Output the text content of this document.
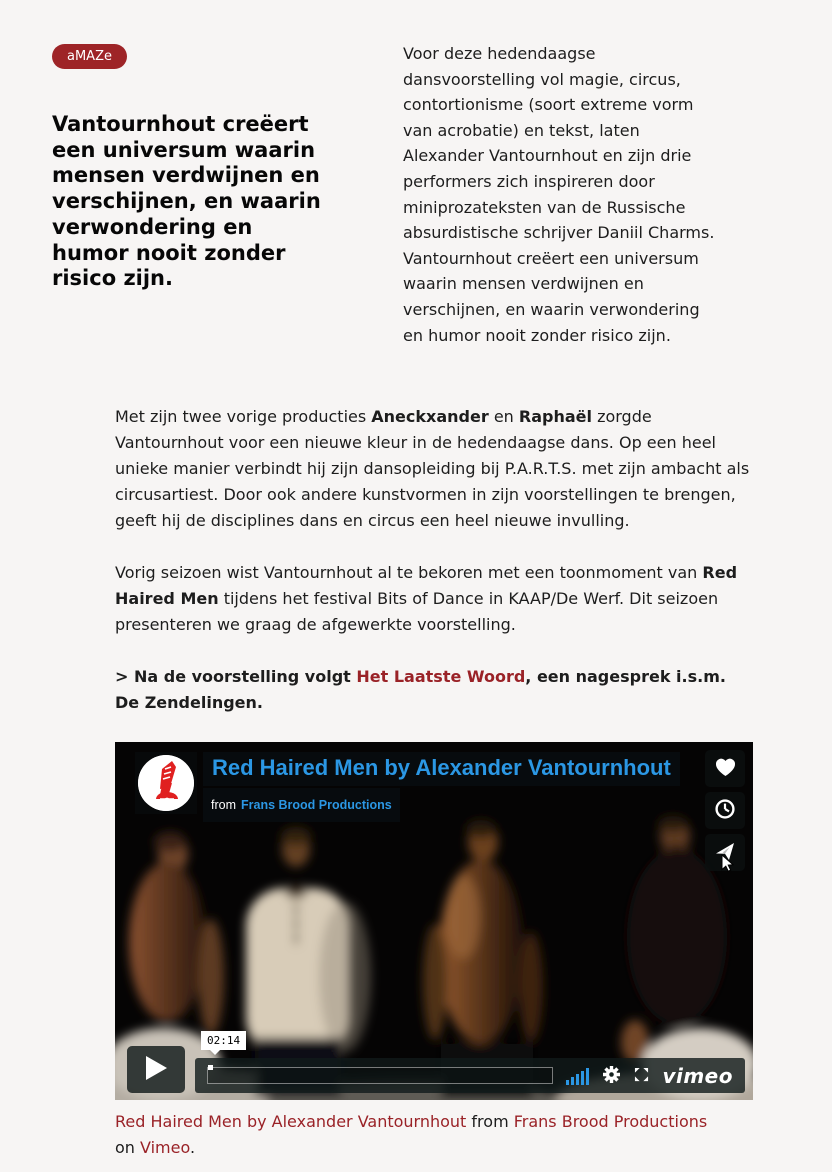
aMAZe
Vantournhout creëert een universum waarin mensen verdwijnen en verschijnen, en waarin verwondering en humor nooit zonder risico zijn.

Voor deze hedendaagse dansvoorstelling vol magie, circus, contortionisme (soort extreme vorm van acrobatie) en tekst, laten Alexander Vantournhout en zijn drie performers zich inspireren door miniprozateksten van de Russische absurdistische schrijver Daniil Charms. Vantournhout creëert een universum waarin mensen verdwijnen en verschijnen, en waarin verwondering en humor nooit zonder risico zijn.

Met zijn twee vorige producties Aneckxander en Raphaël zorgde Vantournhout voor een nieuwe kleur in de hedendaagse dans. Op een heel unieke manier verbindt hij zijn dansopleiding bij P.A.R.T.S. met zijn ambacht als circusartiest. Door ook andere kunstvormen in zijn voorstellingen te brengen, geeft hij de disciplines dans en circus een heel nieuwe invulling.

Vorig seizoen wist Vantournhout al te bekoren met een toonmoment van Red Haired Men tijdens het festival Bits of Dance in KAAP/De Werf. Dit seizoen presenteren we graag de afgewerkte voorstelling.

> Na de voorstelling volgt Het Laatste Woord, een nagesprek i.s.m. De Zendelingen.

Red Haired Men by Alexander Vantournhout
from Frans Brood Productions
02:14
vimeo

Red Haired Men by Alexander Vantournhout from Frans Brood Productions
on Vimeo.
